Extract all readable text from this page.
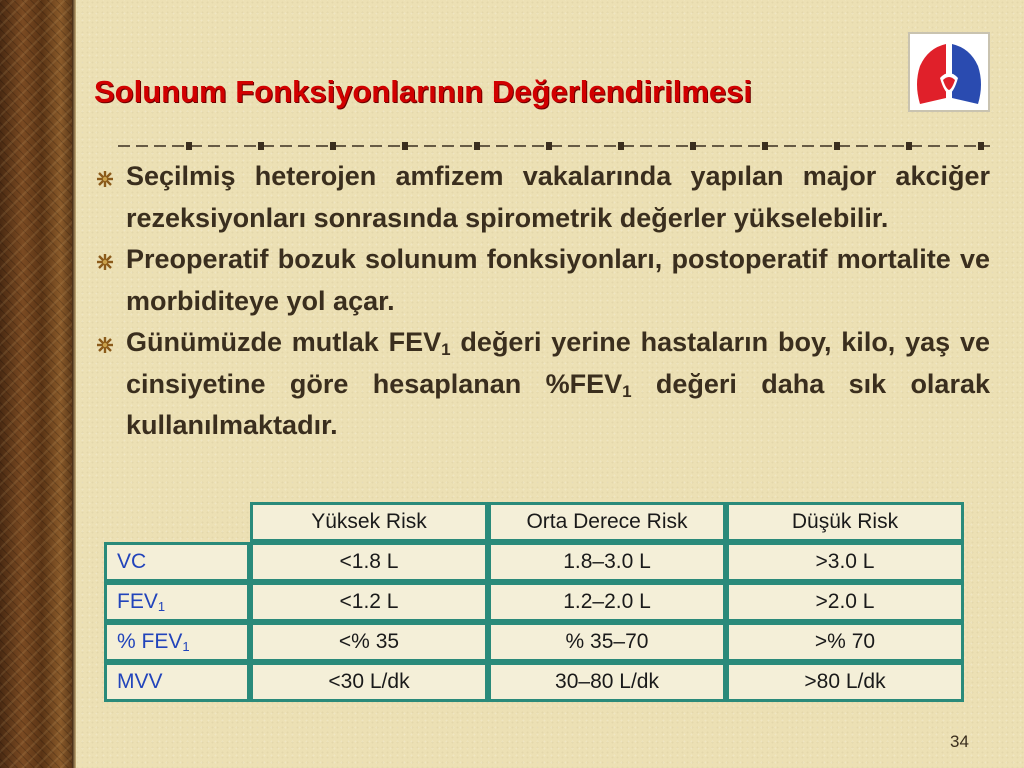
Solunum Fonksiyonlarının Değerlendirilmesi
Seçilmiş heterojen amfizem vakalarında yapılan major akciğer rezeksiyonları sonrasında spirometrik değerler yükselebilir.
Preoperatif bozuk solunum fonksiyonları, postoperatif mortalite ve morbiditeye yol açar.
Günümüzde mutlak $FEV_1$ değeri yerine hastaların boy, kilo, yaş ve cinsiyetine göre hesaplanan $\%FEV_1$ değeri daha sık olarak kullanılmaktadır.
	Yüksek Risk	Orta Derece Risk	Düşük Risk
VC	<1.8 L	1.8–3.0 L	>3.0 L
$FEV_1$	<1.2 L	1.2–2.0 L	>2.0 L
% $FEV_1$	<% 35	% 35–70	>% 70
MVV	<30 L/dk	30–80 L/dk	>80 L/dk
34
